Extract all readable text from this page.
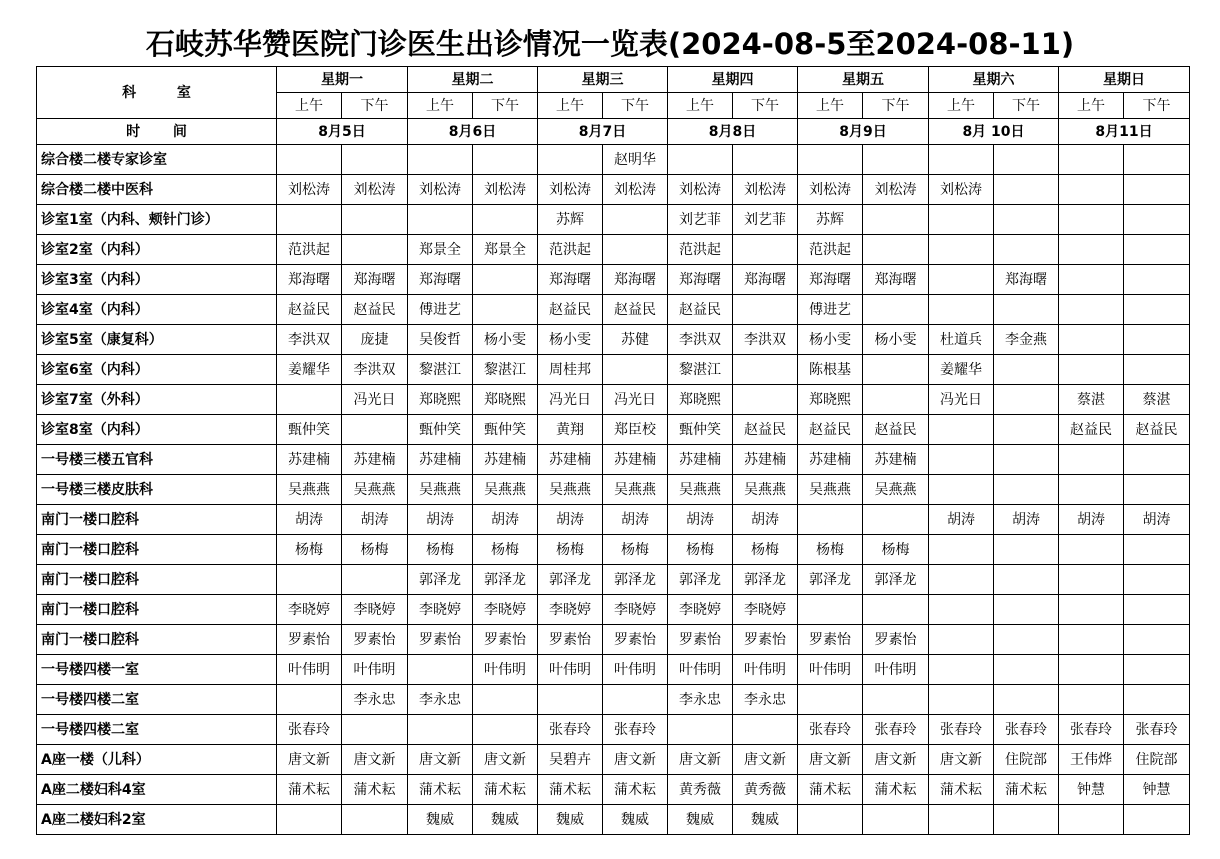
石岐苏华赞医院门诊医生出诊情况一览表(2024-08-5至2024-08-11)
科 室	星期一		星期二		星期三		星期四		星期五		星期六		星期日	
	上午	下午	上午	下午	上午	下午	上午	下午	上午	下午	上午	下午	上午	下午
时 间	8月5日		8月6日		8月7日		8月8日		8月9日		8月 10日		8月11日	
综合楼二楼专家诊室						赵明华								
综合楼二楼中医科	刘松涛	刘松涛	刘松涛	刘松涛	刘松涛	刘松涛	刘松涛	刘松涛	刘松涛	刘松涛	刘松涛			
诊室1室（内科、颊针门诊）					苏辉		刘艺菲	刘艺菲	苏辉					
诊室2室（内科）	范洪起		郑景全	郑景全	范洪起		范洪起		范洪起					
诊室3室（内科）	郑海曙	郑海曙	郑海曙		郑海曙	郑海曙	郑海曙	郑海曙	郑海曙	郑海曙		郑海曙		
诊室4室（内科）	赵益民	赵益民	傅进艺		赵益民	赵益民	赵益民		傅进艺					
诊室5室（康复科）	李洪双	庞捷	吴俊哲	杨小雯	杨小雯	苏健	李洪双	李洪双	杨小雯	杨小雯	杜道兵	李金燕		
诊室6室（内科）	姜耀华	李洪双	黎湛江	黎湛江	周桂邦		黎湛江		陈根基		姜耀华			
诊室7室（外科）		冯光日	郑晓熙	郑晓熙	冯光日	冯光日	郑晓熙		郑晓熙		冯光日		蔡湛	蔡湛
诊室8室（内科）	甄仲笑		甄仲笑	甄仲笑	黄翔	郑臣校	甄仲笑	赵益民	赵益民	赵益民			赵益民	赵益民
一号楼三楼五官科	苏建楠	苏建楠	苏建楠	苏建楠	苏建楠	苏建楠	苏建楠	苏建楠	苏建楠	苏建楠				
一号楼三楼皮肤科	吴燕燕	吴燕燕	吴燕燕	吴燕燕	吴燕燕	吴燕燕	吴燕燕	吴燕燕	吴燕燕	吴燕燕				
南门一楼口腔科	胡涛	胡涛	胡涛	胡涛	胡涛	胡涛	胡涛	胡涛			胡涛	胡涛	胡涛	胡涛
南门一楼口腔科	杨梅	杨梅	杨梅	杨梅	杨梅	杨梅	杨梅	杨梅	杨梅	杨梅				
南门一楼口腔科			郭泽龙	郭泽龙	郭泽龙	郭泽龙	郭泽龙	郭泽龙	郭泽龙	郭泽龙				
南门一楼口腔科	李晓婷	李晓婷	李晓婷	李晓婷	李晓婷	李晓婷	李晓婷	李晓婷						
南门一楼口腔科	罗素怡	罗素怡	罗素怡	罗素怡	罗素怡	罗素怡	罗素怡	罗素怡	罗素怡	罗素怡				
一号楼四楼一室	叶伟明	叶伟明		叶伟明	叶伟明	叶伟明	叶伟明	叶伟明	叶伟明	叶伟明				
一号楼四楼二室		李永忠	李永忠				李永忠	李永忠						
一号楼四楼二室	张春玲				张春玲	张春玲			张春玲	张春玲	张春玲	张春玲	张春玲	张春玲
A座一楼（儿科）	唐文新	唐文新	唐文新	唐文新	吴碧卉	唐文新	唐文新	唐文新	唐文新	唐文新	唐文新	住院部	王伟烨	住院部
A座二楼妇科4室	蒲术耘	蒲术耘	蒲术耘	蒲术耘	蒲术耘	蒲术耘	黄秀薇	黄秀薇	蒲术耘	蒲术耘	蒲术耘	蒲术耘	钟慧	钟慧
A座二楼妇科2室			魏威	魏威	魏威	魏威	魏威	魏威						
